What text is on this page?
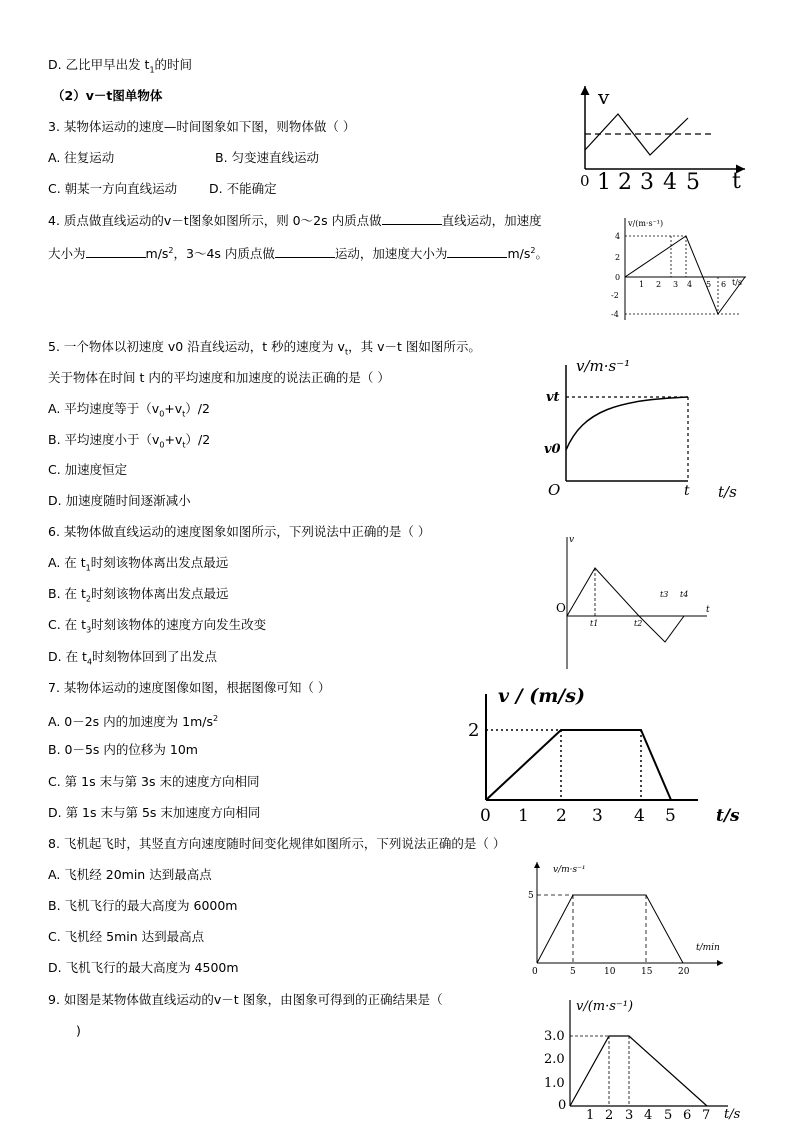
D. 乙比甲早出发 $t_1$的时间
（2）v－t图单物体
3. 某物体运动的速度—时间图象如下图，则物体做（ ）
A. 往复运动	B. 匀变速直线运动
C. 朝某一方向直线运动	D. 不能确定
4. 质点做直线运动的v－t图象如图所示，则 0～2s 内质点做	直线运动，加速度
大小为	$m/s^2$，3～4s 内质点做	运动，加速度大小为	$m/s^2$。
5. 一个物体以初速度 v0 沿直线运动，t 秒的速度为 $v_t$，其 v－t 图如图所示。
关于物体在时间 t 内的平均速度和加速度的说法正确的是（ ）
A. 平均速度等于$(v_0+v_t)/2$
B. 平均速度小于$(v_0+v_t)/2$
C. 加速度恒定
D. 加速度随时间逐渐减小
6. 某物体做直线运动的速度图象如图所示，下列说法中正确的是（ ）
A. 在 $t_1$时刻该物体离出发点最远
B. 在 $t_2$时刻该物体离出发点最远
C. 在 $t_3$时刻该物体的速度方向发生改变
D. 在 $t_4$时刻物体回到了出发点
7. 某物体运动的速度图像如图，根据图像可知（ ）
A. 0－2s 内的加速度为 $1m/s^2$
B. 0－5s 内的位移为 10m
C. 第 1s 末与第 3s 末的速度方向相同
D. 第 1s 末与第 5s 末加速度方向相同
8. 飞机起飞时，其竖直方向速度随时间变化规律如图所示，下列说法正确的是（ ）
A. 飞机经 20min 达到最高点
B. 飞机飞行的最大高度为 6000m
C. 飞机经 5min 达到最高点
D. 飞机飞行的最大高度为 4500m
9. 如图是某物体做直线运动的v－t 图象，由图象可得到的正确结果是（
)
v
t
0 1 2 3 4 5
v/(m·s⁻¹)
t/s
4
2
0
-2
-4
1 2 3 4 5 6
v/m·s⁻¹
vt
v0
O	t t/s
v
t
O
t1	t2
t3 t4
v / (m/s)
2
0 1 2 3 4 5 t/s
v/m·s⁻¹
5
t/min
0	5	10	15	20
v/(m·s⁻¹)
3.0
2.0
1.0
0
1 2 3 4 5 6 7 t/s
